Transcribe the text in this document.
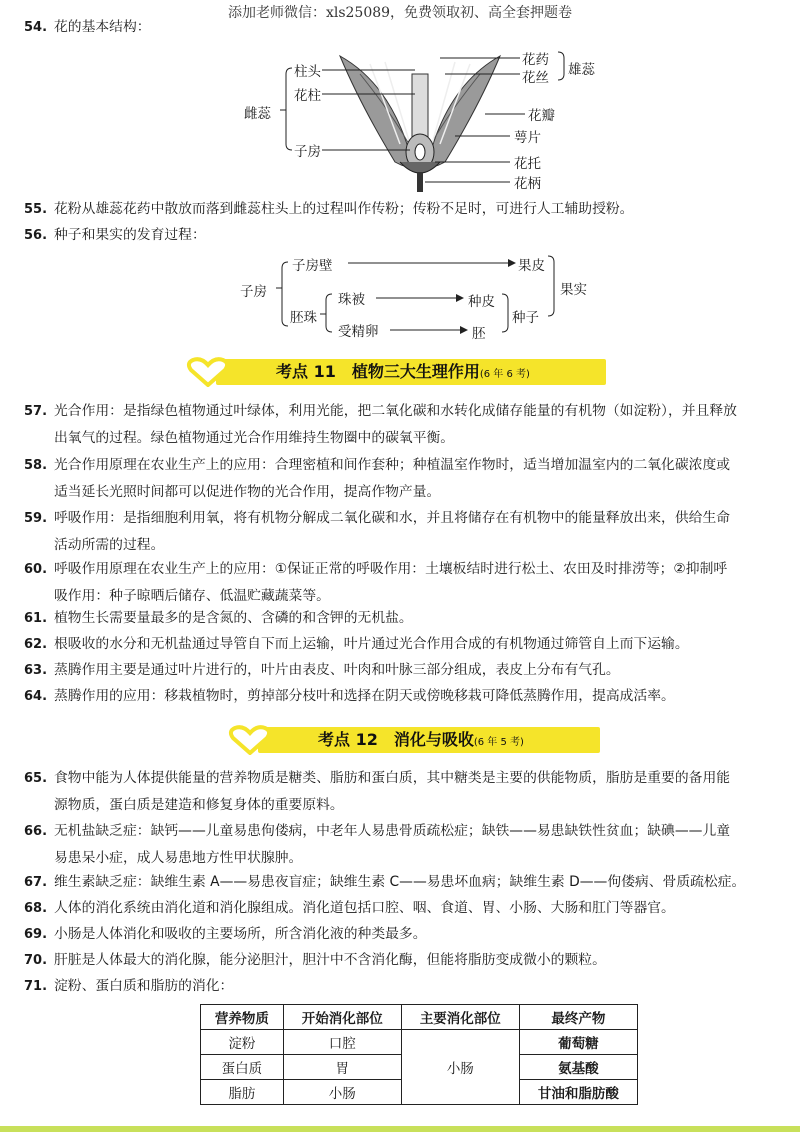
添加老师微信：xls25089，免费领取初、高全套押题卷
54. 花的基本结构：
雌蕊
柱头
花柱
子房
花药
花丝 雄蕊
花瓣
萼片
花托
花柄
55. 花粉从雄蕊花药中散放而落到雌蕊柱头上的过程叫作传粉；传粉不足时，可进行人工辅助授粉。
56. 种子和果实的发育过程：
子房
子房壁	果皮
果实
胚珠
珠被	种皮
种子
受精卵	胚
考点 11　植物三大生理作用(6 年 6 考)
57. 光合作用：是指绿色植物通过叶绿体，利用光能，把二氧化碳和水转化成储存能量的有机物（如淀粉），并且释放
出氧气的过程。绿色植物通过光合作用维持生物圈中的碳氧平衡。
58. 光合作用原理在农业生产上的应用：合理密植和间作套种；种植温室作物时，适当增加温室内的二氧化碳浓度或
适当延长光照时间都可以促进作物的光合作用，提高作物产量。
59. 呼吸作用：是指细胞利用氧，将有机物分解成二氧化碳和水，并且将储存在有机物中的能量释放出来，供给生命
活动所需的过程。
60. 呼吸作用原理在农业生产上的应用：①保证正常的呼吸作用：土壤板结时进行松土、农田及时排涝等；②抑制呼
吸作用：种子晾晒后储存、低温贮藏蔬菜等。
61. 植物生长需要量最多的是含氮的、含磷的和含钾的无机盐。
62. 根吸收的水分和无机盐通过导管自下而上运输，叶片通过光合作用合成的有机物通过筛管自上而下运输。
63. 蒸腾作用主要是通过叶片进行的，叶片由表皮、叶肉和叶脉三部分组成，表皮上分布有气孔。
64. 蒸腾作用的应用：移栽植物时，剪掉部分枝叶和选择在阴天或傍晚移栽可降低蒸腾作用，提高成活率。
考点 12　消化与吸收(6 年 5 考)
65. 食物中能为人体提供能量的营养物质是糖类、脂肪和蛋白质，其中糖类是主要的供能物质，脂肪是重要的备用能
源物质，蛋白质是建造和修复身体的重要原料。
66. 无机盐缺乏症：缺钙——儿童易患佝偻病，中老年人易患骨质疏松症；缺铁——易患缺铁性贫血；缺碘——儿童
易患呆小症，成人易患地方性甲状腺肿。
67. 维生素缺乏症：缺维生素 A——易患夜盲症；缺维生素 C——易患坏血病；缺维生素 D——佝偻病、骨质疏松症。
68. 人体的消化系统由消化道和消化腺组成。消化道包括口腔、咽、食道、胃、小肠、大肠和肛门等器官。
69. 小肠是人体消化和吸收的主要场所，所含消化液的种类最多。
70. 肝脏是人体最大的消化腺，能分泌胆汁，胆汁中不含消化酶，但能将脂肪变成微小的颗粒。
71. 淀粉、蛋白质和脂肪的消化：
营养物质	开始消化部位	主要消化部位	最终产物
淀粉	口腔	小肠	葡萄糖
蛋白质	胃		氨基酸
脂肪	小肠		甘油和脂肪酸
